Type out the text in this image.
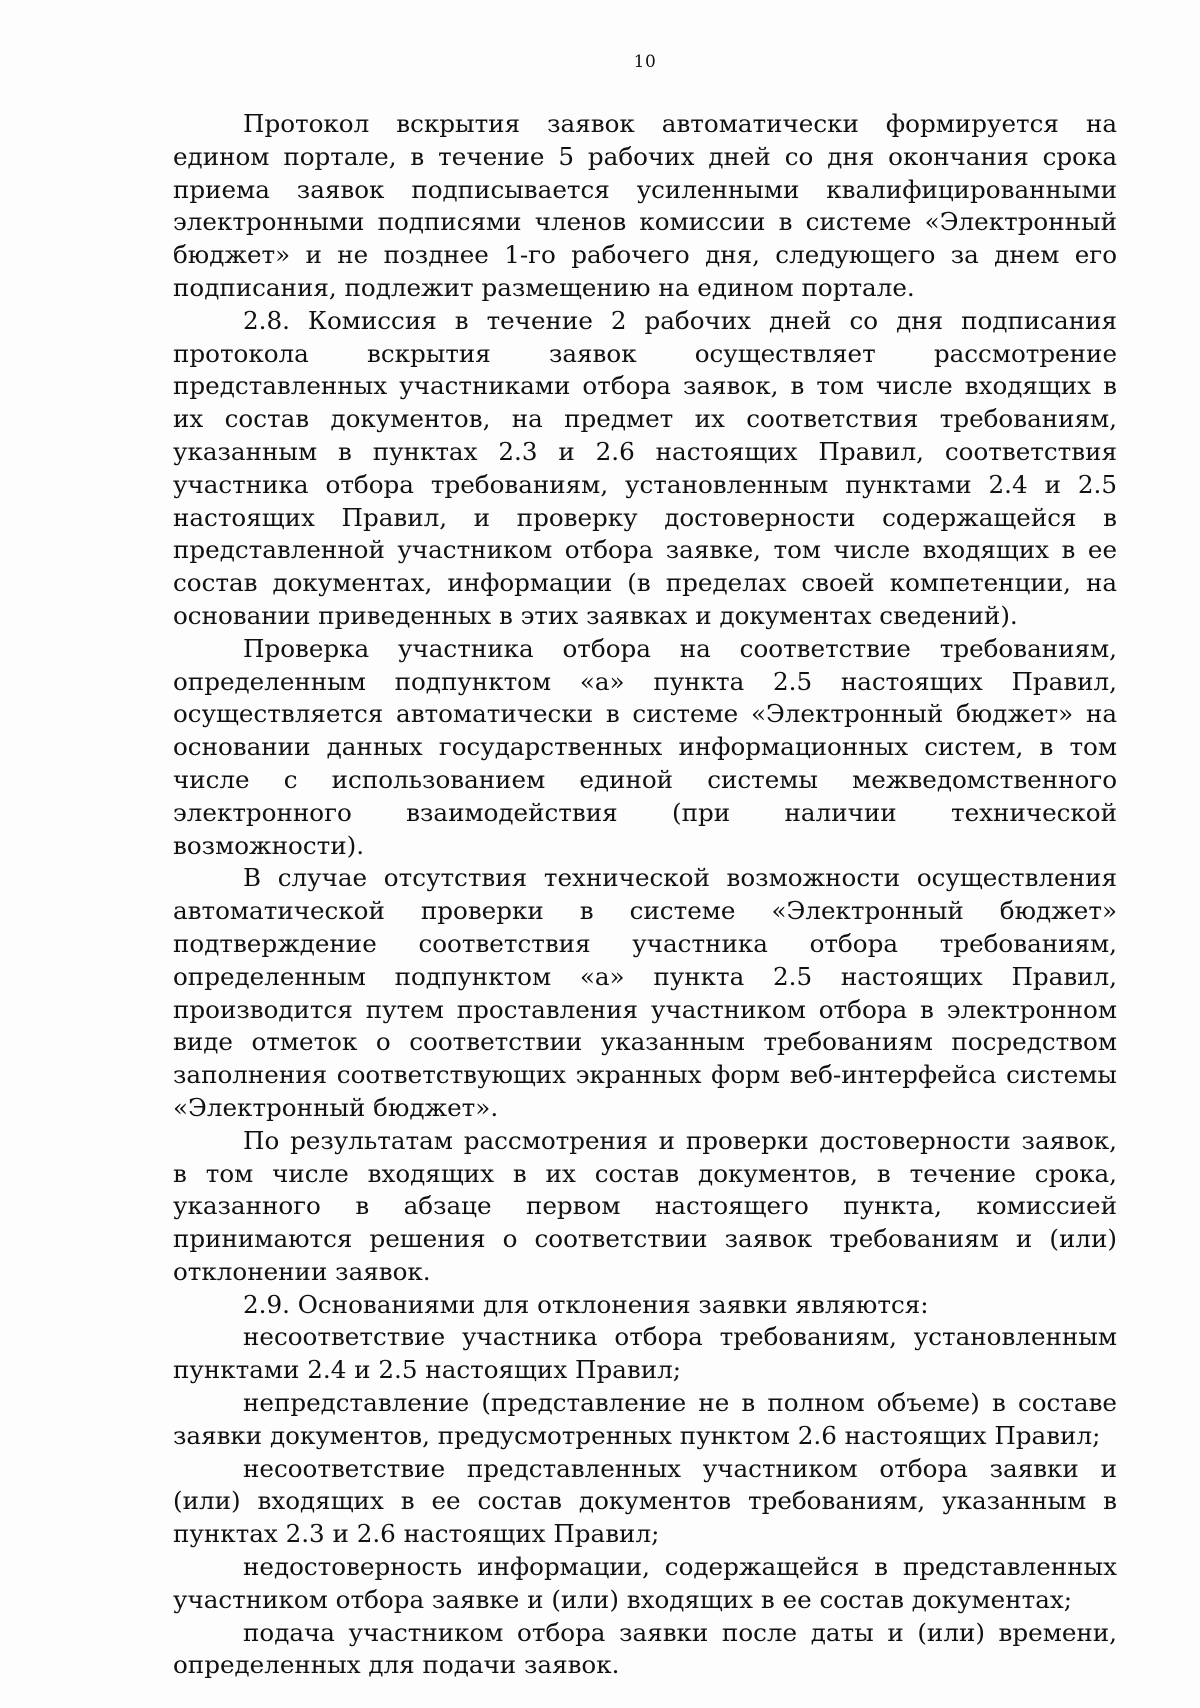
10

Протокол вскрытия заявок автоматически формируется на едином портале, в течение 5 рабочих дней со дня окончания срока приема заявок подписывается усиленными квалифицированными электронными подписями членов комиссии в системе «Электронный бюджет» и не позднее 1-го рабочего дня, следующего за днем его подписания, подлежит размещению на едином портале.

2.8. Комиссия в течение 2 рабочих дней со дня подписания протокола вскрытия заявок осуществляет рассмотрение представленных участниками отбора заявок, в том числе входящих в их состав документов, на предмет их соответствия требованиям, указанным в пунктах 2.3 и 2.6 настоящих Правил, соответствия участника отбора требованиям, установленным пунктами 2.4 и 2.5 настоящих Правил, и проверку достоверности содержащейся в представленной участником отбора заявке, том числе входящих в ее состав документах, информации (в пределах своей компетенции, на основании приведенных в этих заявках и документах сведений).

Проверка участника отбора на соответствие требованиям, определенным подпунктом «а» пункта 2.5 настоящих Правил, осуществляется автоматически в системе «Электронный бюджет» на основании данных государственных информационных систем, в том числе с использованием единой системы межведомственного электронного взаимодействия (при наличии технической возможности).

В случае отсутствия технической возможности осуществления автоматической проверки в системе «Электронный бюджет» подтверждение соответствия участника отбора требованиям, определенным подпунктом «а» пункта 2.5 настоящих Правил, производится путем проставления участником отбора в электронном виде отметок о соответствии указанным требованиям посредством заполнения соответствующих экранных форм веб-интерфейса системы «Электронный бюджет».

По результатам рассмотрения и проверки достоверности заявок, в том числе входящих в их состав документов, в течение срока, указанного в абзаце первом настоящего пункта, комиссией принимаются решения о соответствии заявок требованиям и (или) отклонении заявок.

2.9. Основаниями для отклонения заявки являются:

несоответствие участника отбора требованиям, установленным пунктами 2.4 и 2.5 настоящих Правил;

непредставление (представление не в полном объеме) в составе заявки документов, предусмотренных пунктом 2.6 настоящих Правил;

несоответствие представленных участником отбора заявки и (или) входящих в ее состав документов требованиям, указанным в пунктах 2.3 и 2.6 настоящих Правил;

недостоверность информации, содержащейся в представленных участником отбора заявке и (или) входящих в ее состав документах;

подача участником отбора заявки после даты и (или) времени, определенных для подачи заявок.
